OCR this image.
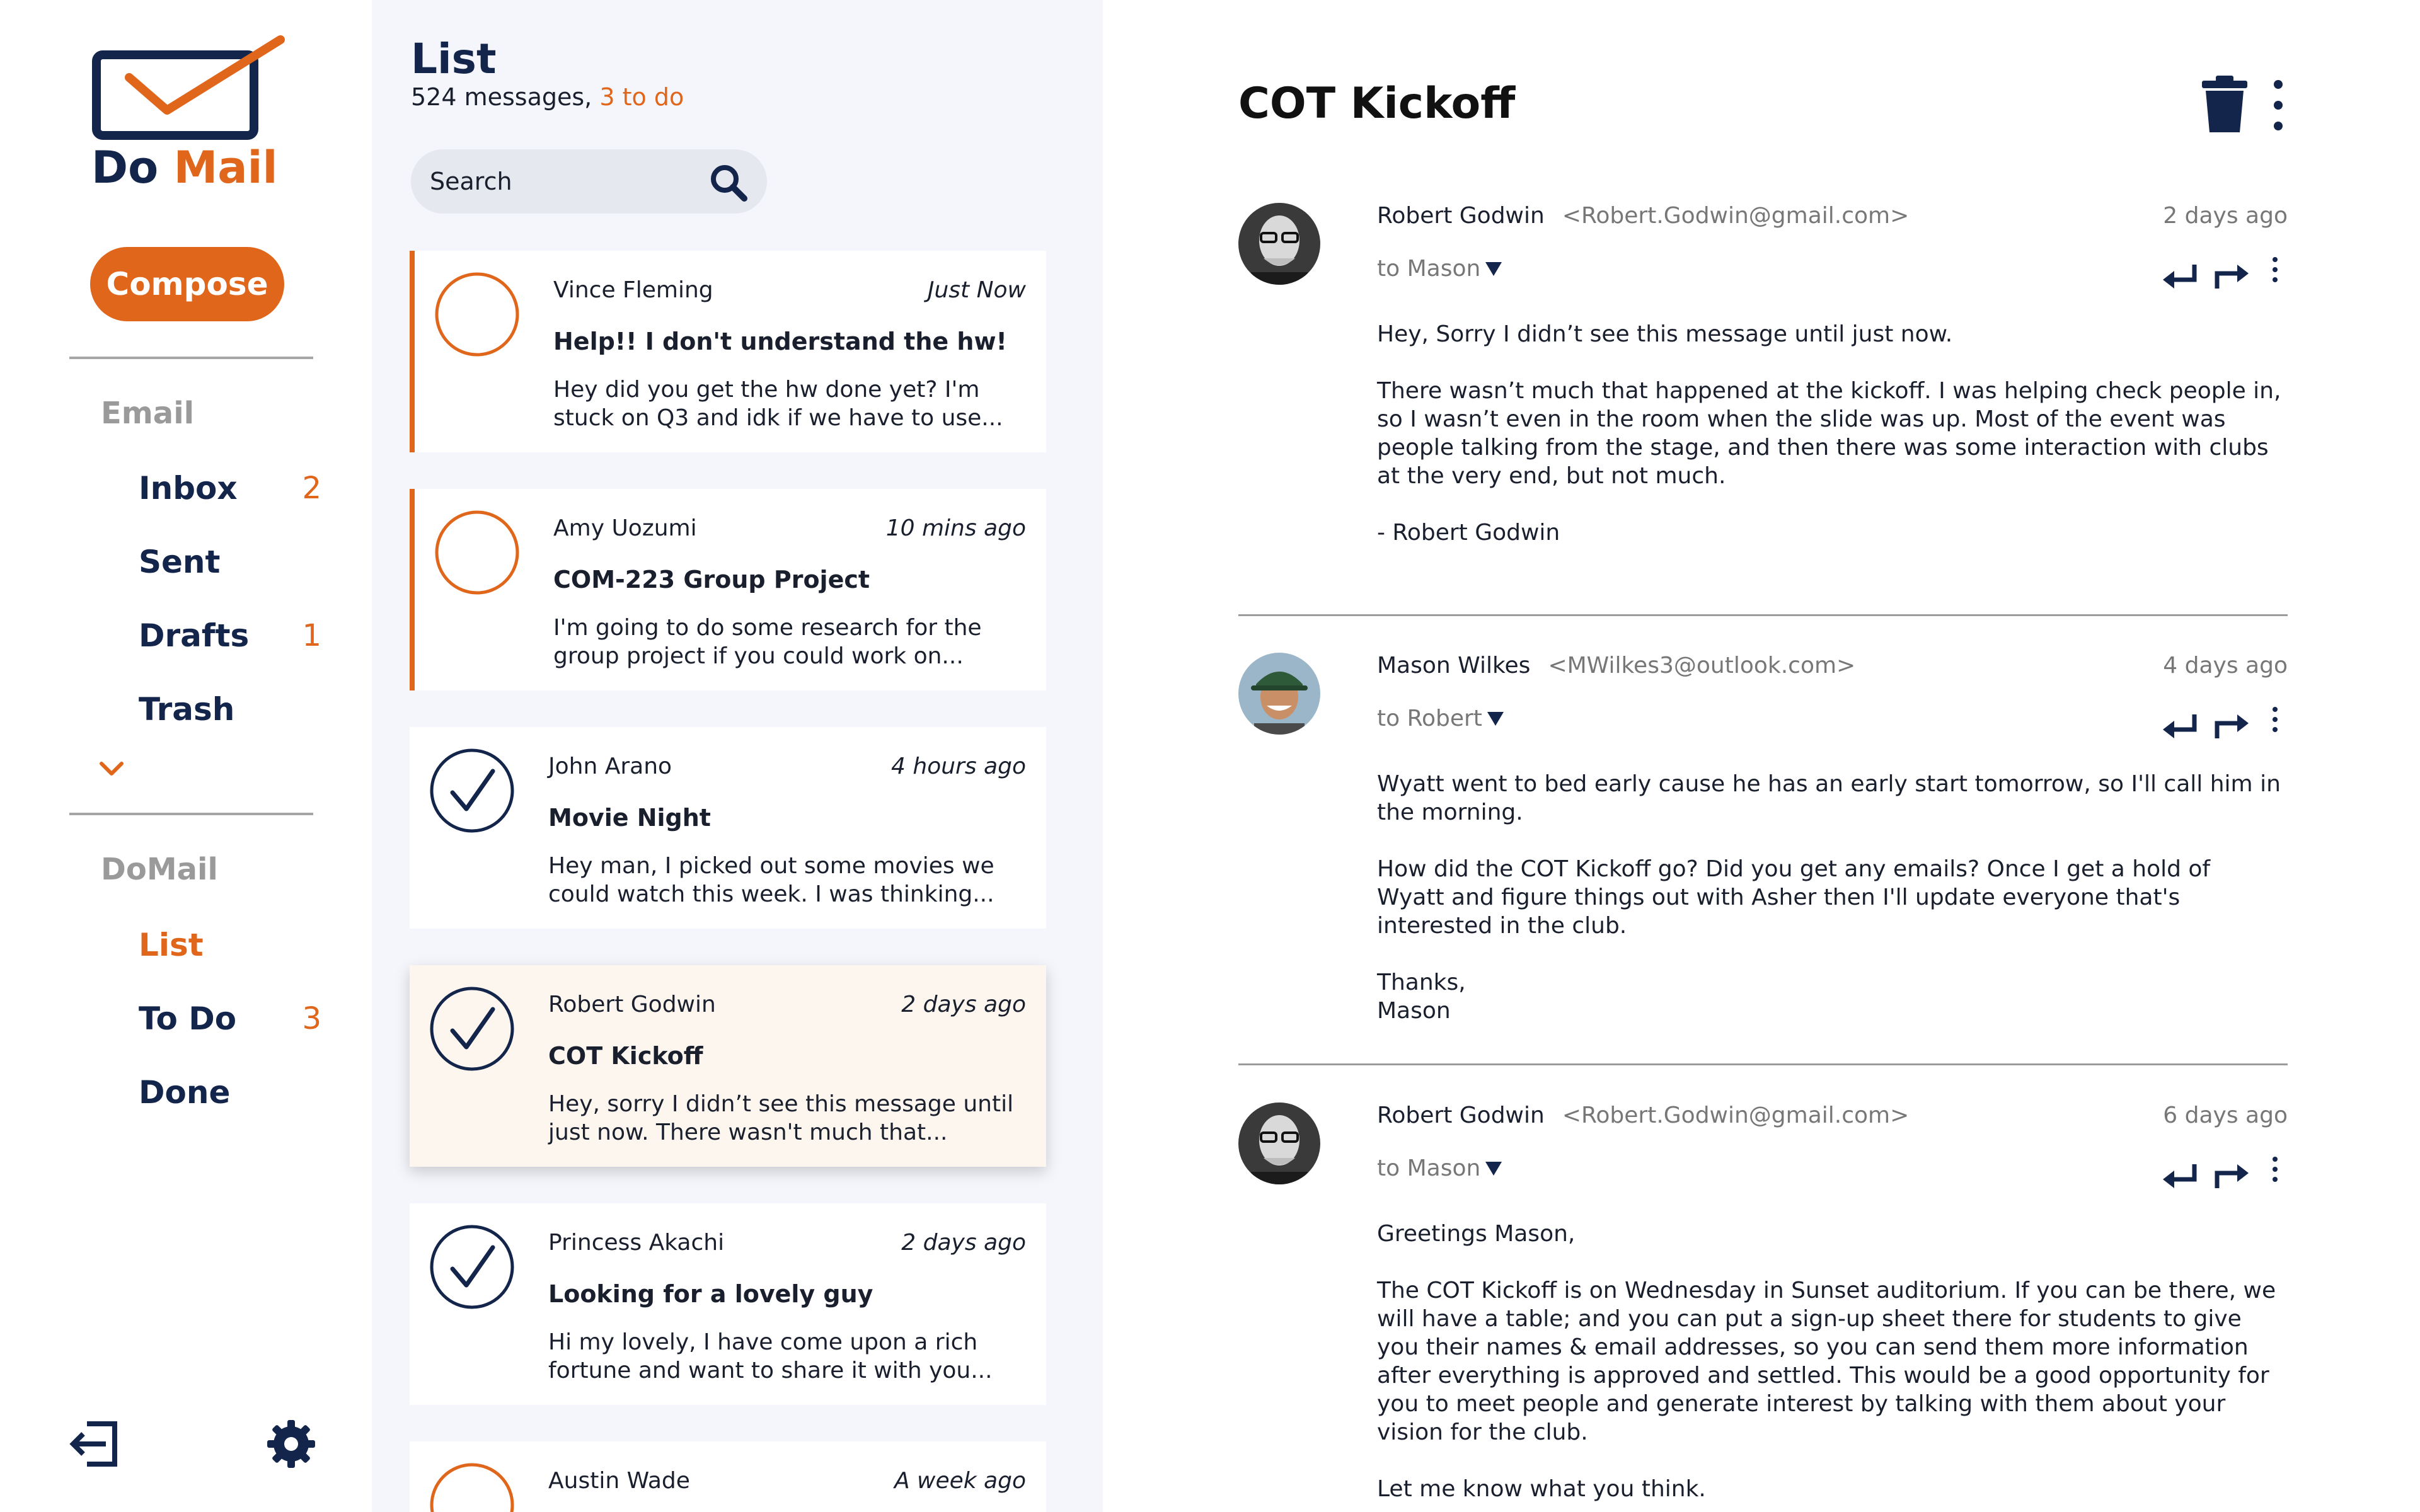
Do Mail
Compose
Email
Inbox 2
Sent
Drafts 1
Trash
DoMail
List
To Do 3
Done
List
524 messages, 3 to do
Search
Vince Fleming	Just Now
Help!! I don't understand the hw!
Hey did you get the hw done yet? I'm stuck on Q3 and idk if we have to use...
Amy Uozumi	10 mins ago
COM-223 Group Project
I'm going to do some research for the group project if you could work on...
John Arano	4 hours ago
Movie Night
Hey man, I picked out some movies we could watch this week. I was thinking...
Robert Godwin	2 days ago
COT Kickoff
Hey, sorry I didn’t see this message until just now. There wasn't much that...
Princess Akachi	2 days ago
Looking for a lovely guy
Hi my lovely, I have come upon a rich fortune and want to share it with you...
Austin Wade	A week ago
COT Kickoff
Robert Godwin <Robert.Godwin@gmail.com>	2 days ago
to Mason

Hey, Sorry I didn’t see this message until just now.

There wasn’t much that happened at the kickoff. I was helping check people in, so I wasn’t even in the room when the slide was up. Most of the event was people talking from the stage, and then there was some interaction with clubs at the very end, but not much.

- Robert Godwin

Mason Wilkes <MWilkes3@outlook.com>	4 days ago
to Robert

Wyatt went to bed early cause he has an early start tomorrow, so I'll call him in the morning.

How did the COT Kickoff go? Did you get any emails? Once I get a hold of Wyatt and figure things out with Asher then I'll update everyone that's interested in the club.

Thanks, Mason

Robert Godwin <Robert.Godwin@gmail.com>	6 days ago
to Mason

Greetings Mason,

The COT Kickoff is on Wednesday in Sunset auditorium. If you can be there, we will have a table; and you can put a sign-up sheet there for students to give you their names & email addresses, so you can send them more information after everything is approved and settled. This would be a good opportunity for you to meet people and generate interest by talking with them about your vision for the club.

Let me know what you think.
